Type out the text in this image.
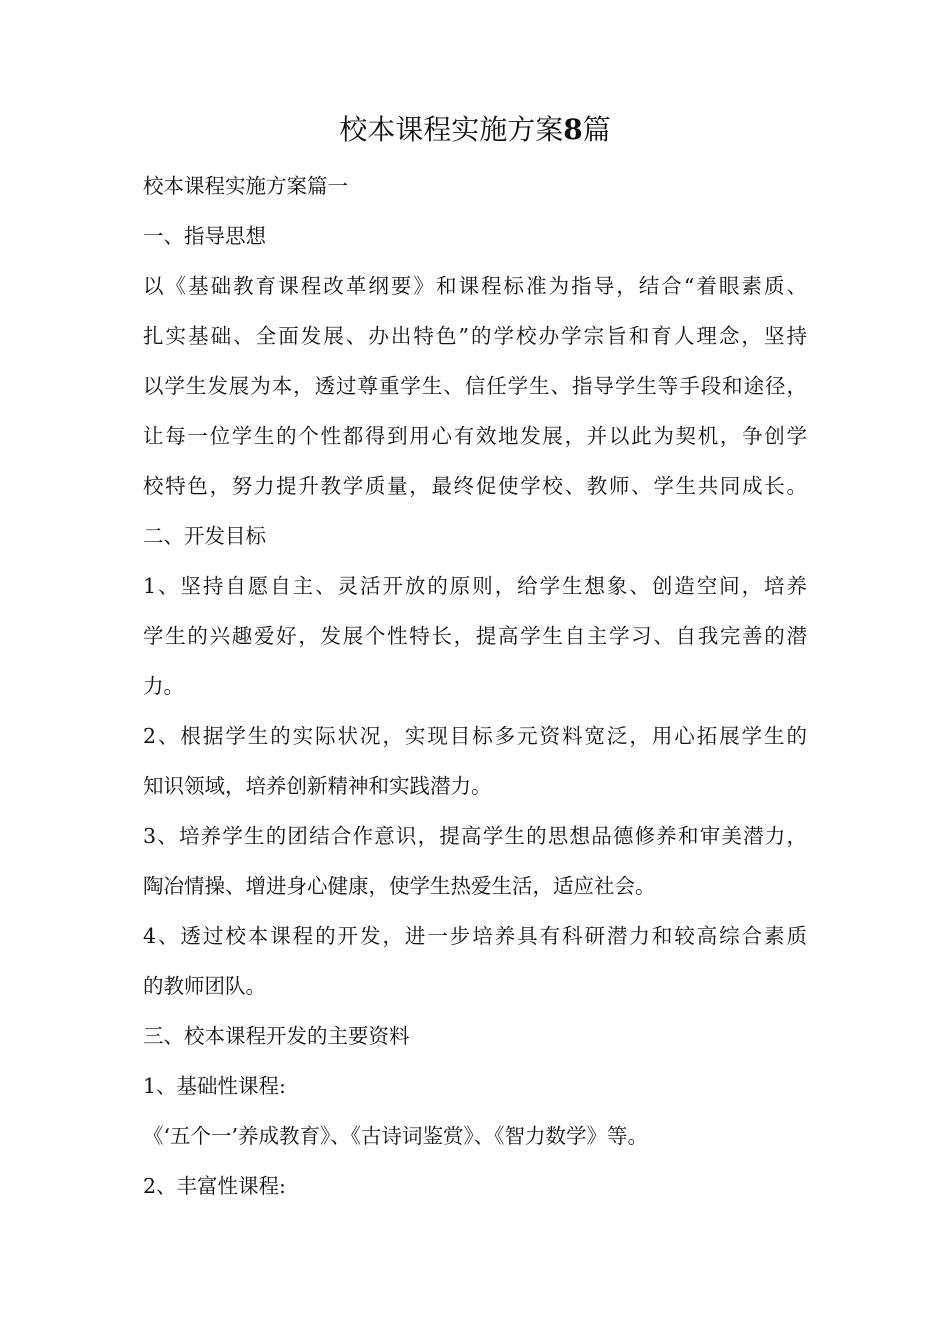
校本课程实施方案8篇
校本课程实施方案篇一
一、指导思想
以《基础教育课程改革纲要》和课程标准为指导，结合“着眼素质、
扎实基础、全面发展、办出特色”的学校办学宗旨和育人理念，坚持
以学生发展为本，透过尊重学生、信任学生、指导学生等手段和途径，
让每一位学生的个性都得到用心有效地发展，并以此为契机，争创学
校特色，努力提升教学质量，最终促使学校、教师、学生共同成长。
二、开发目标
1、坚持自愿自主、灵活开放的原则，给学生想象、创造空间，培养
学生的兴趣爱好，发展个性特长，提高学生自主学习、自我完善的潜
力。
2、根据学生的实际状况，实现目标多元资料宽泛，用心拓展学生的
知识领域，培养创新精神和实践潜力。
3、培养学生的团结合作意识，提高学生的思想品德修养和审美潜力，
陶冶情操、增进身心健康，使学生热爱生活，适应社会。
4、透过校本课程的开发，进一步培养具有科研潜力和较高综合素质
的教师团队。
三、校本课程开发的主要资料
1、基础性课程:
《‘五个一’养成教育》、《古诗词鉴赏》、《智力数学》等。
2、丰富性课程:
